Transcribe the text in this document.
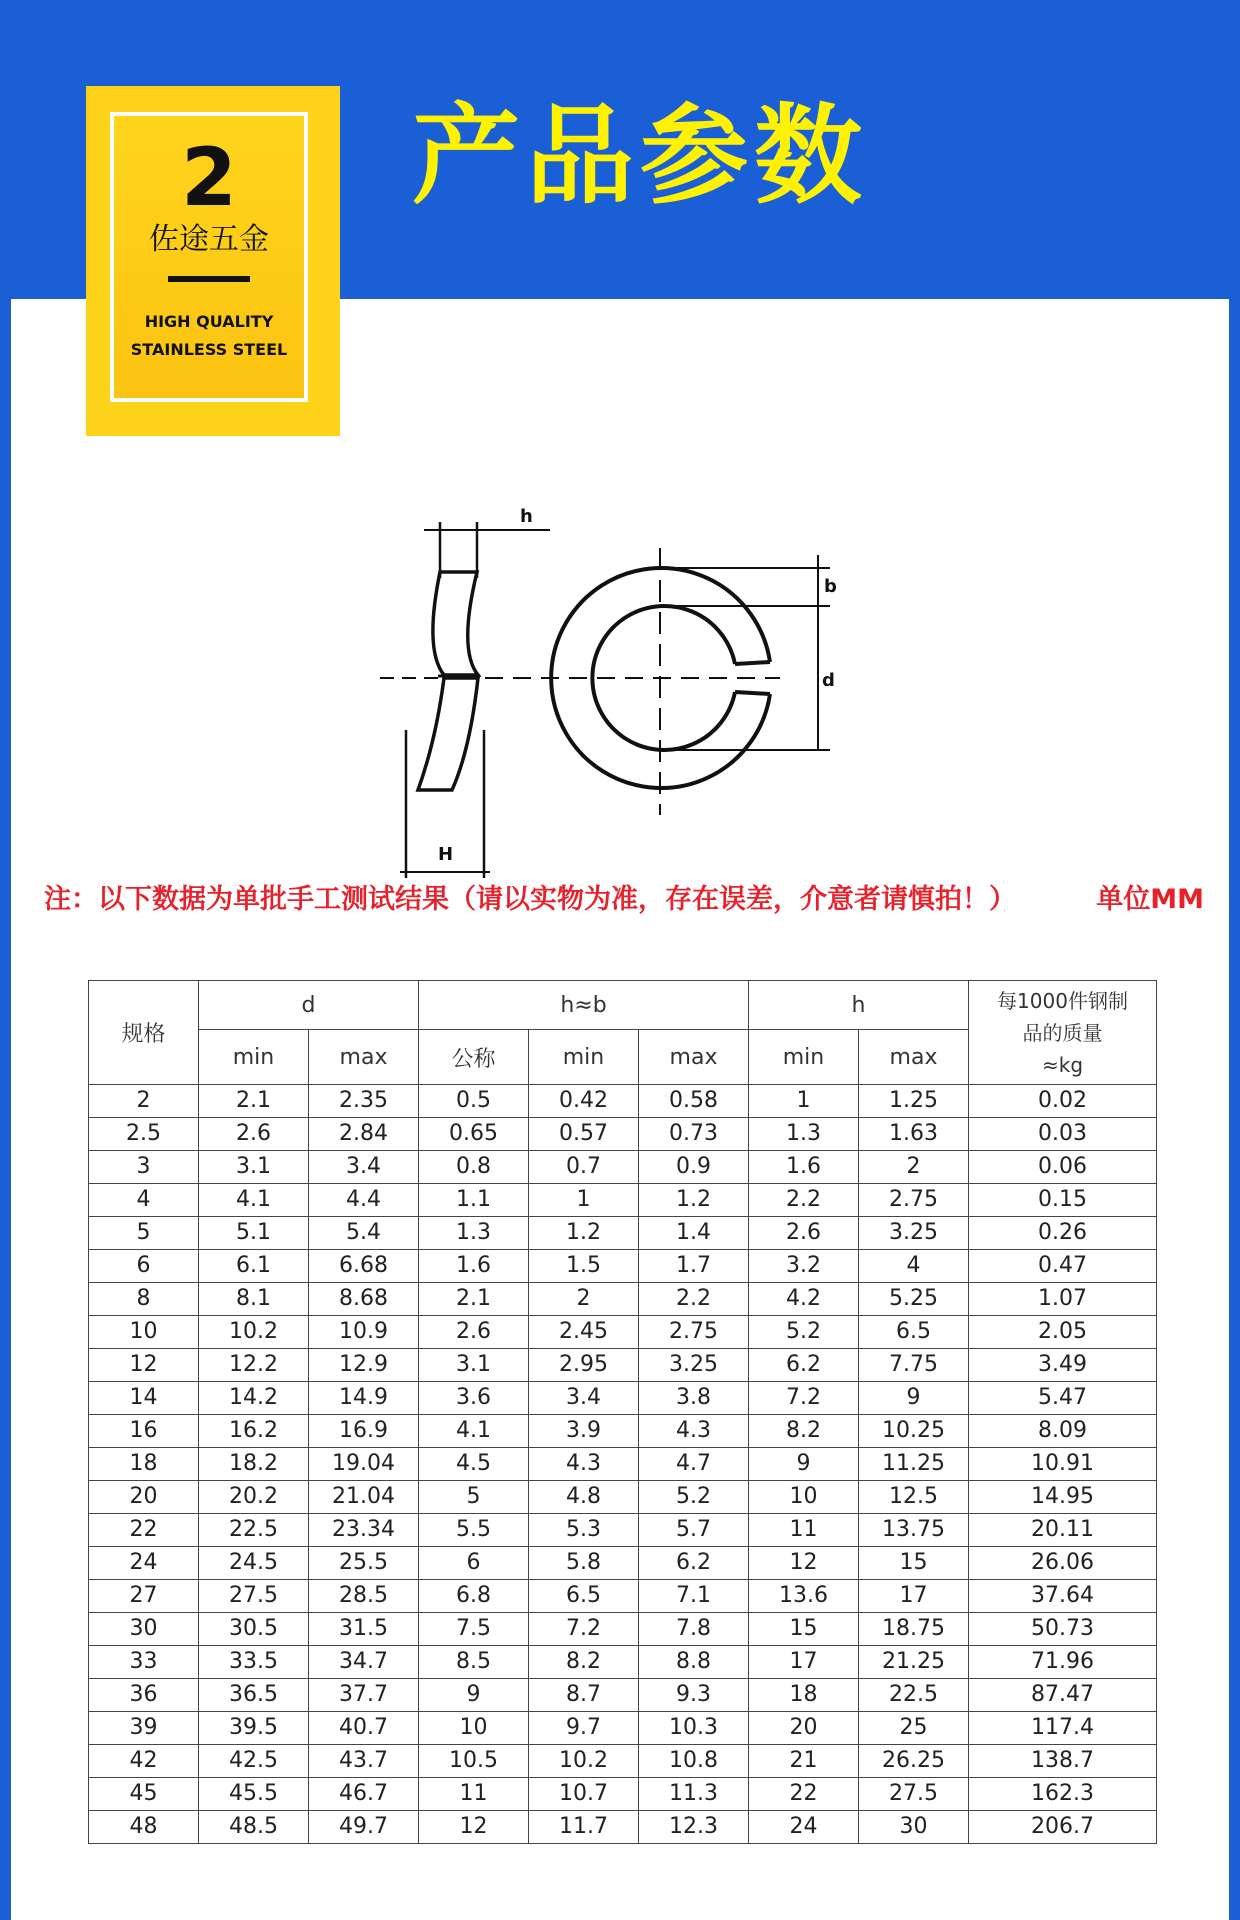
2
佐途五金
HIGH QUALITY
STAINLESS STEEL
产品参数
h
b
d
H
注：以下数据为单批手工测试结果（请以实物为准，存在误差，介意者请慎拍！）	单位MM
规格	d		h≈b			h		每1000件钢制
品的质量
≈kg

	min	max	公称	min	max	min	max	
2	2.1	2.35	0.5	0.42	0.58	1	1.25	0.02
2.5	2.6	2.84	0.65	0.57	0.73	1.3	1.63	0.03
3	3.1	3.4	0.8	0.7	0.9	1.6	2	0.06
4	4.1	4.4	1.1	1	1.2	2.2	2.75	0.15
5	5.1	5.4	1.3	1.2	1.4	2.6	3.25	0.26
6	6.1	6.68	1.6	1.5	1.7	3.2	4	0.47
8	8.1	8.68	2.1	2	2.2	4.2	5.25	1.07
10	10.2	10.9	2.6	2.45	2.75	5.2	6.5	2.05
12	12.2	12.9	3.1	2.95	3.25	6.2	7.75	3.49
14	14.2	14.9	3.6	3.4	3.8	7.2	9	5.47
16	16.2	16.9	4.1	3.9	4.3	8.2	10.25	8.09
18	18.2	19.04	4.5	4.3	4.7	9	11.25	10.91
20	20.2	21.04	5	4.8	5.2	10	12.5	14.95
22	22.5	23.34	5.5	5.3	5.7	11	13.75	20.11
24	24.5	25.5	6	5.8	6.2	12	15	26.06
27	27.5	28.5	6.8	6.5	7.1	13.6	17	37.64
30	30.5	31.5	7.5	7.2	7.8	15	18.75	50.73
33	33.5	34.7	8.5	8.2	8.8	17	21.25	71.96
36	36.5	37.7	9	8.7	9.3	18	22.5	87.47
39	39.5	40.7	10	9.7	10.3	20	25	117.4
42	42.5	43.7	10.5	10.2	10.8	21	26.25	138.7
45	45.5	46.7	11	10.7	11.3	22	27.5	162.3
48	48.5	49.7	12	11.7	12.3	24	30	206.7
